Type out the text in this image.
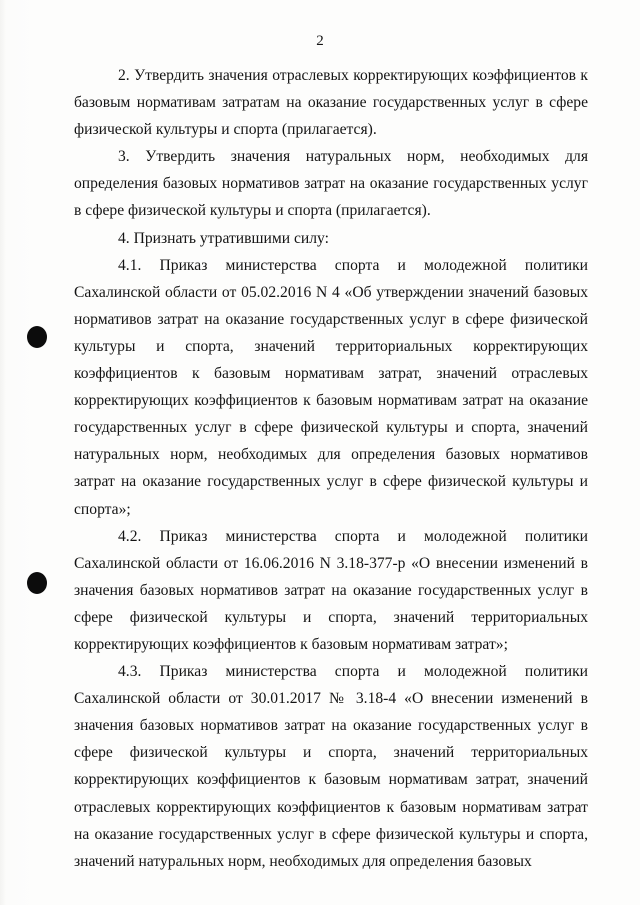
2

2. Утвердить значения отраслевых корректирующих коэффициентов к базовым нормативам затратам на оказание государственных услуг в сфере физической культуры и спорта (прилагается).

3. Утвердить значения натуральных норм, необходимых для определения базовых нормативов затрат на оказание государственных услуг в сфере физической культуры и спорта (прилагается).

4. Признать утратившими силу:

4.1. Приказ министерства спорта и молодежной политики Сахалинской области от 05.02.2016 N 4 «Об утверждении значений базовых нормативов затрат на оказание государственных услуг в сфере физической культуры и спорта, значений территориальных корректирующих коэффициентов к базовым нормативам затрат, значений отраслевых корректирующих коэффициентов к базовым нормативам затрат на оказание государственных услуг в сфере физической культуры и спорта, значений натуральных норм, необходимых для определения базовых нормативов затрат на оказание государственных услуг в сфере физической культуры и спорта»;

4.2. Приказ министерства спорта и молодежной политики Сахалинской области от 16.06.2016 N 3.18-377-р «О внесении изменений в значения базовых нормативов затрат на оказание государственных услуг в сфере физической культуры и спорта, значений территориальных корректирующих коэффициентов к базовым нормативам затрат»;

4.3. Приказ министерства спорта и молодежной политики Сахалинской области от 30.01.2017 № 3.18-4 «О внесении изменений в значения базовых нормативов затрат на оказание государственных услуг в сфере физической культуры и спорта, значений территориальных корректирующих коэффициентов к базовым нормативам затрат, значений отраслевых корректирующих коэффициентов к базовым нормативам затрат на оказание государственных услуг в сфере физической культуры и спорта, значений натуральных норм, необходимых для определения базовых
